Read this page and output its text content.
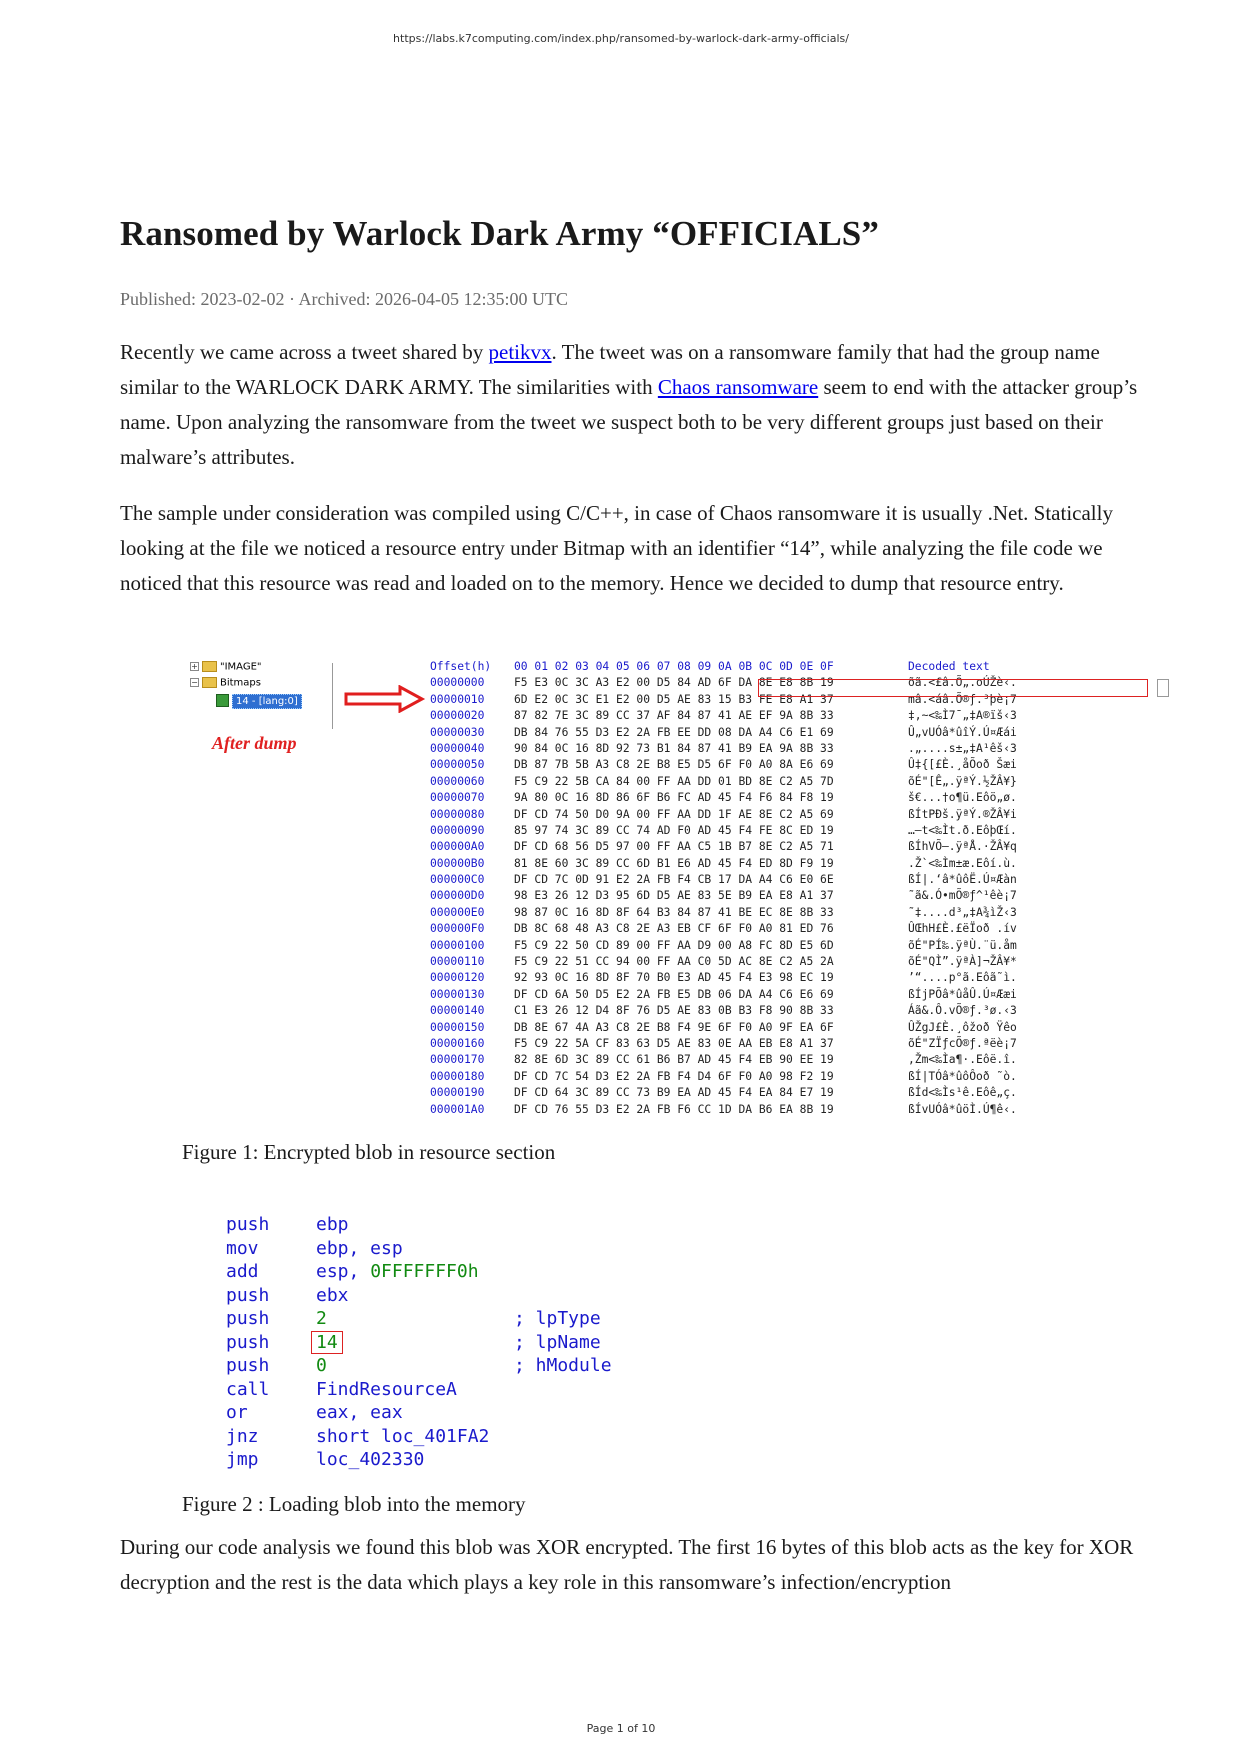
https://labs.k7computing.com/index.php/ransomed-by-warlock-dark-army-officials/
Ransomed by Warlock Dark Army “OFFICIALS”
Published: 2023-02-02 · Archived: 2026-04-05 12:35:00 UTC

Recently we came across a tweet shared by petikvx. The tweet was on a ransomware family that had the group name similar to the WARLOCK DARK ARMY. The similarities with Chaos ransomware seem to end with the attacker group’s name. Upon analyzing the ransomware from the tweet we suspect both to be very different groups just based on their malware’s attributes.

The sample under consideration was compiled using C/C++, in case of Chaos ransomware it is usually .Net. Statically looking at the file we noticed a resource entry under Bitmap with an identifier “14”, while analyzing the file code we noticed that this resource was read and loaded on to the memory. Hence we decided to dump that resource entry.

+ "IMAGE"
− Bitmaps
14 - [lang:0]
After dump
Offset(h) 00 01 02 03 04 05 06 07 08 09 0A 0B 0C 0D 0E 0F	Decoded text
00000000	F5 E3 0C 3C A3 E2 00 D5 84 AD 6F DA 8E E8 8B 19	õã.<£â.Õ„.oÚŽè‹.
00000010	6D E2 0C 3C E1 E2 00 D5 AE 83 15 B3 FE E8 A1 37	mâ.<áâ.Õ®ƒ.³þè¡7
00000020	87 82 7E 3C 89 CC 37 AF 84 87 41 AE EF 9A 8B 33	‡‚~<‰Ì7¯„‡A®ïš‹3
00000030	DB 84 76 55 D3 E2 2A FB EE DD 08 DA A4 C6 E1 69	Û„vUÓâ*ûîÝ.Ú¤Æái
00000040	90 84 0C 16 8D 92 73 B1 84 87 41 B9 EA 9A 8B 33	.„....s±„‡A¹êš‹3
00000050	DB 87 7B 5B A3 C8 2E B8 E5 D5 6F F0 A0 8A E6 69	Û‡{[£È.¸åÕoð Šæi
00000060	F5 C9 22 5B CA 84 00 FF AA DD 01 BD 8E C2 A5 7D	õÉ"[Ê„.ÿªÝ.½ŽÂ¥}
00000070	9A 80 0C 16 8D 86 6F B6 FC AD 45 F4 F6 84 F8 19	š€...†o¶ü.Eôö„ø.
00000080	DF CD 74 50 D0 9A 00 FF AA DD 1F AE 8E C2 A5 69	ßÍtPÐš.ÿªÝ.®ŽÂ¥i
00000090	85 97 74 3C 89 CC 74 AD F0 AD 45 F4 FE 8C ED 19	…—t<‰Ìt.ð.EôþŒí.
000000A0	DF CD 68 56 D5 97 00 FF AA C5 1B B7 8E C2 A5 71	ßÍhVÕ—.ÿªÅ.·ŽÂ¥q
000000B0	81 8E 60 3C 89 CC 6D B1 E6 AD 45 F4 ED 8D F9 19	.Ž`<‰Ìm±æ.Eôí.ù.
000000C0	DF CD 7C 0D 91 E2 2A FB F4 CB 17 DA A4 C6 E0 6E	ßÍ|.‘â*ûôË.Ú¤Æàn
000000D0	98 E3 26 12 D3 95 6D D5 AE 83 5E B9 EA E8 A1 37	˜ã&.Ó•mÕ®ƒ^¹êè¡7
000000E0	98 87 0C 16 8D 8F 64 B3 84 87 41 BE EC 8E 8B 33	˜‡....d³„‡A¾ìŽ‹3
000000F0	DB 8C 68 48 A3 C8 2E A3 EB CF 6F F0 A0 81 ED 76	ÛŒhH£È.£ëÏoð .ív
00000100	F5 C9 22 50 CD 89 00 FF AA D9 00 A8 FC 8D E5 6D	õÉ"PÍ‰.ÿªÙ.¨ü.åm
00000110	F5 C9 22 51 CC 94 00 FF AA C0 5D AC 8E C2 A5 2A	õÉ"QÌ”.ÿªÀ]¬ŽÂ¥*
00000120	92 93 0C 16 8D 8F 70 B0 E3 AD 45 F4 E3 98 EC 19	’“....p°ã.Eôã˜ì.
00000130	DF CD 6A 50 D5 E2 2A FB E5 DB 06 DA A4 C6 E6 69	ßÍjPÕâ*ûåÛ.Ú¤Ææi
00000140	C1 E3 26 12 D4 8F 76 D5 AE 83 0B B3 F8 90 8B 33	Áã&.Ô.vÕ®ƒ.³ø.‹3
00000150	DB 8E 67 4A A3 C8 2E B8 F4 9E 6F F0 A0 9F EA 6F	ÛŽgJ£È.¸ôžoð Ÿêo
00000160	F5 C9 22 5A CF 83 63 D5 AE 83 0E AA EB E8 A1 37	õÉ"ZÏƒcÕ®ƒ.ªëè¡7
00000170	82 8E 6D 3C 89 CC 61 B6 B7 AD 45 F4 EB 90 EE 19	‚Žm<‰Ìa¶·.Eôë.î.
00000180	DF CD 7C 54 D3 E2 2A FB F4 D4 6F F0 A0 98 F2 19	ßÍ|TÓâ*ûôÔoð ˜ò.
00000190	DF CD 64 3C 89 CC 73 B9 EA AD 45 F4 EA 84 E7 19	ßÍd<‰Ìs¹ê.Eôê„ç.
000001A0	DF CD 76 55 D3 E2 2A FB F6 CC 1D DA B6 EA 8B 19	ßÍvUÓâ*ûöÌ.Ú¶ê‹.
Figure 1: Encrypted blob in resource section
push	ebp
mov	ebp, esp
add	esp, 0FFFFFFF0h
push	ebx
push	2	; lpType
push	14	; lpName
push	0	; hModule
call	FindResourceA
or	eax, eax
jnz	short loc_401FA2
jmp	loc_402330
Figure 2 : Loading blob into the memory

During our code analysis we found this blob was XOR encrypted. The first 16 bytes of this blob acts as the key for XOR decryption and the rest is the data which plays a key role in this ransomware’s infection/encryption

Page 1 of 10
